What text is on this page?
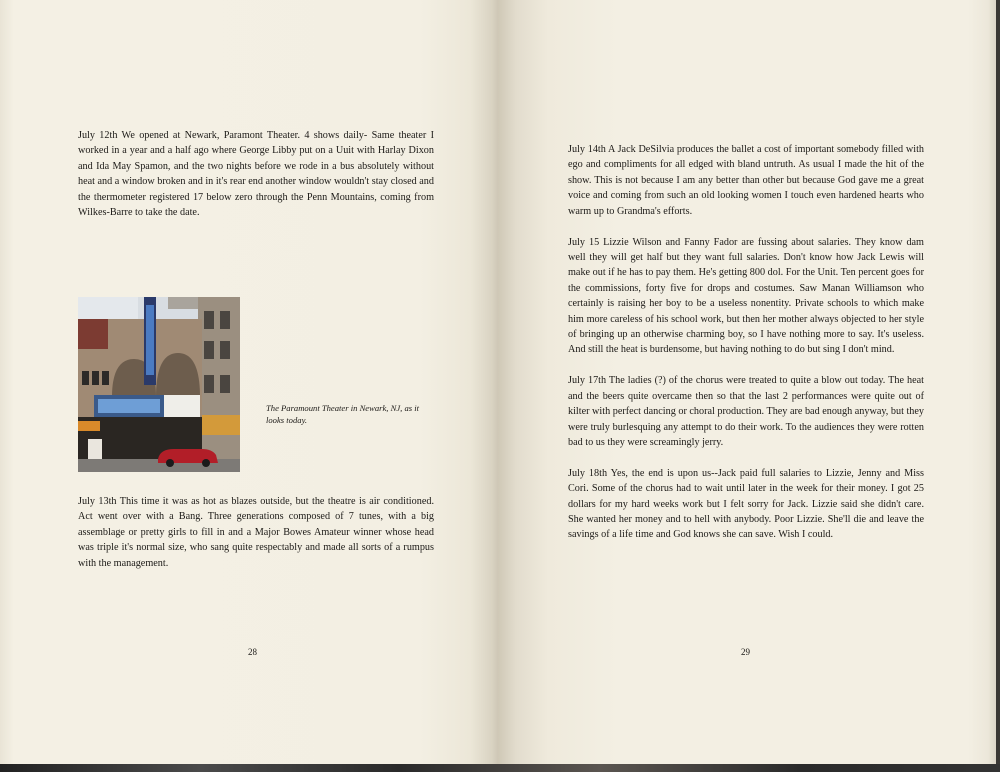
July 12th We opened at Newark, Paramont Theater. 4 shows daily- Same theater I worked in a year and a half ago where George Libby put on a Uuit with Harlay Dixon and Ida May Spamon, and the two nights before we rode in a bus absolutely without heat and a window broken and in it's rear end another window wouldn't stay closed and the thermometer registered 17 below zero through the Penn Mountains, coming from Wilkes-Barre to take the date.

The Paramount Theater in Newark, NJ, as it looks today.

July 13th This time it was as hot as blazes outside, but the theatre is air conditioned. Act went over with a Bang. Three generations composed of 7 tunes, with a big assemblage or pretty girls to fill in and a Major Bowes Amateur winner whose head was triple it's normal size, who sang quite respectably and made all sorts of a rumpus with the management.

28

July 14th A Jack DeSilvia produces the ballet a cost of important somebody filled with ego and compliments for all edged with bland untruth. As usual I made the hit of the show. This is not because I am any better than other but because God gave me a great voice and coming from such an old looking women I touch even hardened hearts who warm up to Grandma's efforts.

July 15 Lizzie Wilson and Fanny Fador are fussing about salaries. They know dam well they will get half but they want full salaries. Don't know how Jack Lewis will make out if he has to pay them. He's getting 800 dol. For the Unit. Ten percent goes for the commissions, forty five for drops and costumes. Saw Manan Williamson who certainly is raising her boy to be a useless nonentity. Private schools to which make him more careless of his school work, but then her mother always objected to her style of bringing up an otherwise charming boy, so I have nothing more to say. It's useless. And still the heat is burdensome, but having nothing to do but sing I don't mind.

July 17th The ladies (?) of the chorus were treated to quite a blow out today. The heat and the beers quite overcame then so that the last 2 performances were quite out of kilter with perfect dancing or choral production. They are bad enough anyway, but they were truly burlesquing any attempt to do their work. To the audiences they were rotten bad to us they were screamingly jerry.

July 18th Yes, the end is upon us--Jack paid full salaries to Lizzie, Jenny and Miss Cori. Some of the chorus had to wait until later in the week for their money. I got 25 dollars for my hard weeks work but I felt sorry for Jack. Lizzie said she didn't care. She wanted her money and to hell with anybody. Poor Lizzie. She'll die and leave the savings of a life time and God knows she can save. Wish I could.

29
